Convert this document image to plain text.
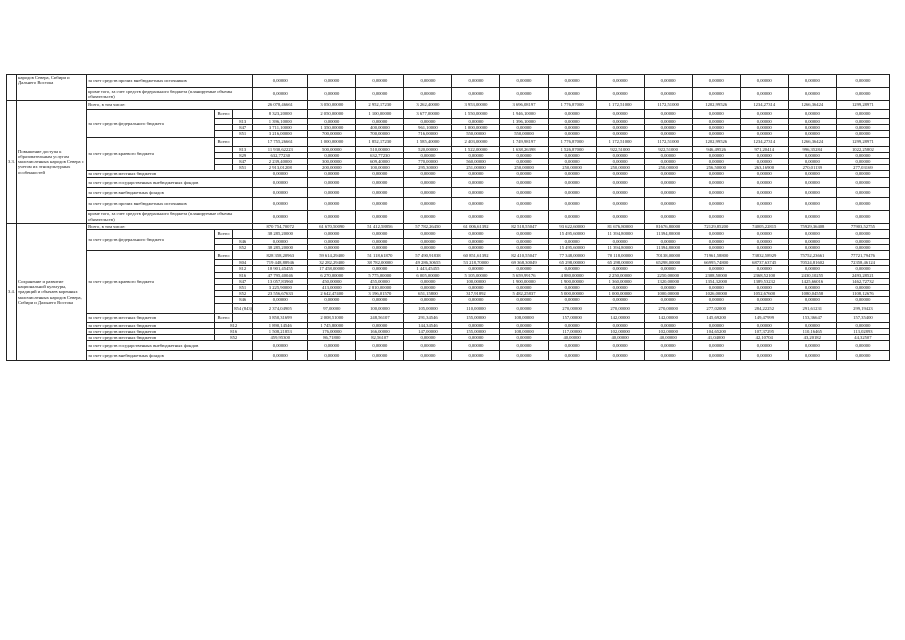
	народов Севера, Сибири и Дальнего Востока	за счет средств прочих внебюджетных источников			0,00000	0,00000	0,00000	0,00000	0,00000	0,00000	0,00000	0,00000	0,00000	0,00000	0,00000	0,00000	0,00000
		кроме того, за счет средств федерального бюджета (планируемые объемы обязательств)			0,00000	0,00000	0,00000	0,00000	0,00000	0,00000	0,00000	0,00000	0,00000	0,00000	0,00000	0,00000	0,00000
3.3.	Повышение доступа к образовательным услугам малочисленных народов Севера с учетом их этнокультурных особенностей	Всего, в том числе:			26 078,46661	3 050,00000	2 952,17230	3 262,40000	3 953,00000	3 696,08197	1 776,87000	1 172,51000	1172,51000	1202,99526	1234,27314	1266,36424	1299,28971
		за счет средств федерального бюджета	Всего:		8 323,20000	2 050,00000	1 100,00000	3 677,00000	1 550,00000	1 946,10000	0,00000	0,00000	0,00000	0,00000	0,00000	0,00000	0,00000
				813	1 396,10000	0,00000	0,00000	0,00000	0,00000	1 396,10000	0,00000	0,00000	0,00000	0,00000	0,00000	0,00000	0,00000
				847	3 711,10000	1 350,00000	400,00000	961,10000	1 000,00000	0,00000	0,00000	0,00000	0,00000	0,00000	0,00000	0,00000	0,00000
				851	3 216,00000	700,00000	700,00000	716,00000	550,00000	550,00000	0,00000	0,00000	0,00000	0,00000	0,00000	0,00000	0,00000
		за счет средств краевого бюджета	Всего:		17 755,26661	1 000,00000	1 852,17230	1 585,40000	2 403,00000	1 749,98197	1 776,87000	1 172,51000	1172,51000	1202,99526	1234,27314	1266,36424	1299,28971
				813	11 930,62223	500,00000	510,00000	520,00000	1 522,00000	1 638,26398	1 526,87000	922,51000	922,51000	946,49526	971,20414	996,35284	1022,25802
				829	632,77230	0,00000	632,77230	0,00000	0,00000	0,00000	0,00000	0,00000	0,00000	0,00000	0,00000	0,00000	0,00000
				847	2 239,40000	300,00000	609,40000	770,00000	560,00000	0,00000	0,00000	0,00000	0,00000	0,00000	0,00000	0,00000	0,00000
				851	2 913,01208	200,00000	100,00000	295,30000	251,00000	250,00000	250,00000	250,00000	250,00000	256,50000	263,16900	270,01139	277,03169
		за счет средств местных бюджетов			0,00000	0,00000	0,00000	0,00000	0,00000	0,00000	0,00000	0,00000	0,00000	0,00000	0,00000	0,00000	0,00000
		за счет средств государственных внебюджетных фондов			0,00000	0,00000	0,00000	0,00000	0,00000	0,00000	0,00000	0,00000	0,00000	0,00000	0,00000	0,00000	0,00000
		за счет средств внебюджетных фондов			0,00000	0,00000	0,00000	0,00000	0,00000	0,00000	0,00000	0,00000	0,00000	0,00000	0,00000	0,00000	0,00000
		за счет средств прочих внебюджетных источников			0,00000	0,00000	0,00000	0,00000	0,00000	0,00000	0,00000	0,00000	0,00000	0,00000	0,00000	0,00000	0,00000
		кроме того, за счет средств федерального бюджета (планируемые объемы обязательств)			0,00000	0,00000	0,00000	0,00000	0,00000	0,00000	0,00000	0,00000	0,00000	0,00000	0,00000	0,00000	0,00000
3.4.	Сохранение и развитие национальной культуры, традиций и обычаев коренных малочисленных народов Севера, Сибири и Дальнего Востока	Всего, в том числе:			870 754,70072	61 670,50090	51 412,58856	57 782,26450	61 006,61392	82 518,55047	93 622,60000	81 676,80000	81676,80000	72129,85200	74005,22815	75929,36408	77903,52755
		за счет средств федерального бюджета	Всего:		38 285,20000	0,00000	0,00000	0,00000	0,00000	0,00000	15 495,60000	11 394,80000	11394,80000	0,00000	0,00000	0,00000	0,00000
				846	0,00000	0,00000	0,00000	0,00000	0,00000	0,00000	0,00000	0,00000	0,00000	0,00000	0,00000	0,00000	0,00000
				852	38 285,20000	0,00000	0,00000	0,00000	0,00000	0,00000	15 495,60000	11 394,80000	11394,80000	0,00000	0,00000	0,00000	0,00000
		за счет средств краевого бюджета	Всего:		828 358,20963	59 614,29400	51 118,61870	57 490,91838	60 851,61392	82 410,55047	77 348,00000	70 118,00000	70138,00000	71961,58800	73832,58929	75752,23661	77721,79476
				804	719 448,88946	32 282,29400	38 782,00000	49 286,30655	53 218,70000	69 368,30049	65 298,00000	65 298,00000	65298,00000	66995,74800	68737,63745	70524,81602	72358,46124
				812	18 901,45455	17 458,00000	0,00000	1 443,45455	0,00000	0,00000	0,00000	0,00000	0,00000	0,00000	0,00000	0,00000	0,00000
				816	47 795,40046	6 270,00000	5 775,00000	6 005,00000	5 105,00000	5 659,99176	4 880,00000	2 250,00000	2250,00000	2308,50000	2368,52100	2430,10255	2493,28521
				847	13 057,83960	450,00000	455,00000	0,00000	100,00000	1 900,00000	1 900,00000	1 360,00000	1320,00000	1354,32000	1389,53232	1425,66016	1462,72732
				851	3 225,90000	413,00000	2 810,00000	0,00000	0,00000	0,00000	0,00000	0,00000	0,00000	0,00000	0,00000	0,00000	0,00000
				852	23 556,67633	2 642,47400	3 196,01570	651,15800	317,91892	5 482,25837	5 000,00000	1 000,00000	1000,00000	1026,00000	1052,67600	1080,04558	1108,12676
				846	0,00000	0,00000	0,00000	0,00000	0,00000	0,00000	0,00000	0,00000	0,00000	0,00000	0,00000	0,00000	0,00000
				854 (843)	2 374,04905	97,00000	100,00000	105,00000	110,00000	0,00000	270,00000	270,00000	270,00000	277,02000	284,22252	291,61231	299,19423
		за счет средств местных бюджетов	Всего:		3 850,31699	2 008,51000	248,56107	291,34546	155,00000	108,00000	157,00000	142,00000	142,00000	145,69200	149,47999	153,36647	157,35400
		за счет средств местных бюджетов	812		1 890,14546	1 745,80000	0,00000	144,34546	0,00000	0,00000	0,00000	0,00000	0,00000	0,00000	0,00000	0,00000	0,00000
		за счет средств местных бюджетов	816		1 508,21853	176,00000	166,00000	147,00000	155,00000	108,00000	117,00000	102,00000	102,00000	104,65200	107,37295	110,16465	113,02893
		за счет средств местных бюджетов	852		459,95300	86,71800	82,56107	0,00000	0,00000	0,00000	40,00000	40,00000	40,00000	41,04000	42,10704	43,20182	44,32507
		за счет средств государственных внебюджетных фондов			0,00000	0,00000	0,00000	0,00000	0,00000	0,00000	0,00000	0,00000	0,00000	0,00000	0,00000	0,00000	0,00000
		за счет средств внебюджетных фондов			0,00000	0,00000	0,00000	0,00000	0,00000	0,00000	0,00000	0,00000	0,00000	0,00000	0,00000	0,00000	0,00000
